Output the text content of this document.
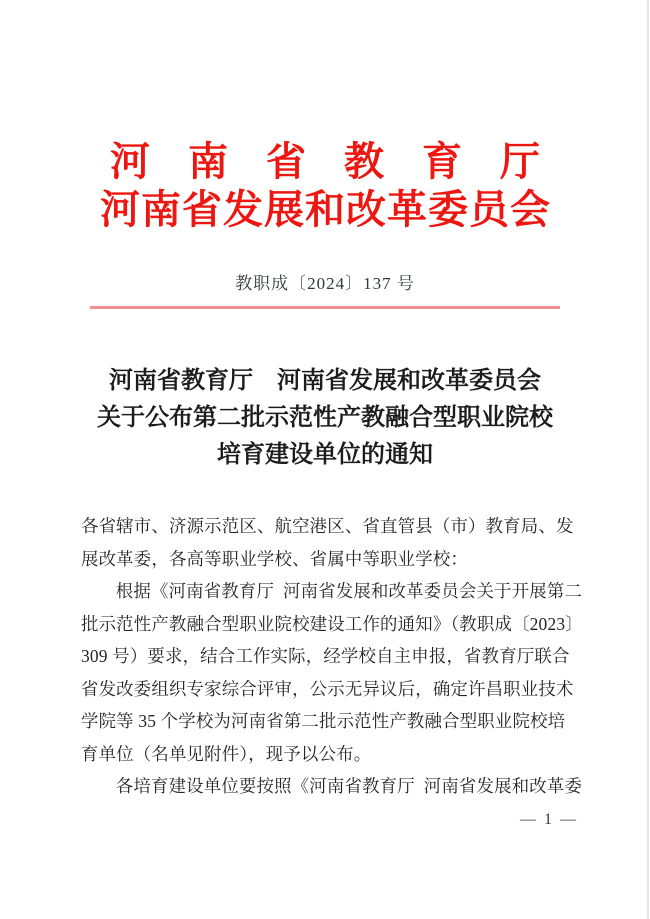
河南省教育厅
河南省发展和改革委员会
教职成〔2024〕137 号
河南省教育厅　河南省发展和改革委员会
关于公布第二批示范性产教融合型职业院校
培育建设单位的通知
各省辖市、济源示范区、航空港区、省直管县（市）教育局、发
展改革委，各高等职业学校、省属中等职业学校：
根据《河南省教育厅 河南省发展和改革委员会关于开展第二
批示范性产教融合型职业院校建设工作的通知》（教职成〔2023〕
309 号）要求，结合工作实际，经学校自主申报，省教育厅联合
省发改委组织专家综合评审，公示无异议后，确定许昌职业技术
学院等 35 个学校为河南省第二批示范性产教融合型职业院校培
育单位（名单见附件），现予以公布。
各培育建设单位要按照《河南省教育厅 河南省发展和改革委
— 1 —
